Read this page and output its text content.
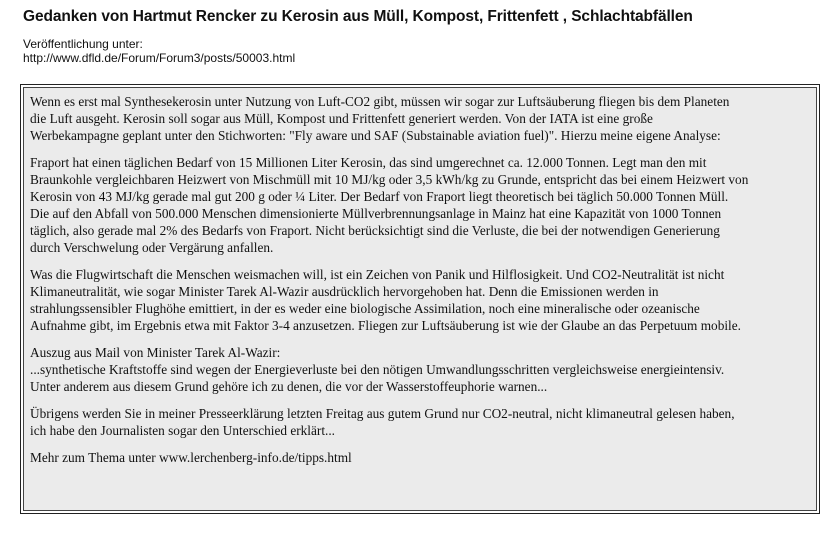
Gedanken von Hartmut Rencker zu Kerosin aus Müll, Kompost, Frittenfett , Schlachtabfällen
Veröffentlichung unter:
http://www.dfld.de/Forum/Forum3/posts/50003.html

Wenn es erst mal Synthesekerosin unter Nutzung von Luft-CO2 gibt, müssen wir sogar zur Luftsäuberung fliegen bis dem Planeten
die Luft ausgeht. Kerosin soll sogar aus Müll, Kompost und Frittenfett generiert werden. Von der IATA ist eine große
Werbekampagne geplant unter den Stichworten: "Fly aware und SAF (Substainable aviation fuel)". Hierzu meine eigene Analyse:

Fraport hat einen täglichen Bedarf von 15 Millionen Liter Kerosin, das sind umgerechnet ca. 12.000 Tonnen. Legt man den mit
Braunkohle vergleichbaren Heizwert von Mischmüll mit 10 MJ/kg oder 3,5 kWh/kg zu Grunde, entspricht das bei einem Heizwert von
Kerosin von 43 MJ/kg gerade mal gut 200 g oder ¼ Liter. Der Bedarf von Fraport liegt theoretisch bei täglich 50.000 Tonnen Müll.
Die auf den Abfall von 500.000 Menschen dimensionierte Müllverbrennungsanlage in Mainz hat eine Kapazität von 1000 Tonnen
täglich, also gerade mal 2% des Bedarfs von Fraport. Nicht berücksichtigt sind die Verluste, die bei der notwendigen Generierung
durch Verschwelung oder Vergärung anfallen.

Was die Flugwirtschaft die Menschen weismachen will, ist ein Zeichen von Panik und Hilflosigkeit. Und CO2-Neutralität ist nicht
Klimaneutralität, wie sogar Minister Tarek Al-Wazir ausdrücklich hervorgehoben hat. Denn die Emissionen werden in
strahlungssensibler Flughöhe emittiert, in der es weder eine biologische Assimilation, noch eine mineralische oder ozeanische
Aufnahme gibt, im Ergebnis etwa mit Faktor 3-4 anzusetzen. Fliegen zur Luftsäuberung ist wie der Glaube an das Perpetuum mobile.

Auszug aus Mail von Minister Tarek Al-Wazir:
...synthetische Kraftstoffe sind wegen der Energieverluste bei den nötigen Umwandlungsschritten vergleichsweise energieintensiv.
Unter anderem aus diesem Grund gehöre ich zu denen, die vor der Wasserstoffeuphorie warnen...

Übrigens werden Sie in meiner Presseerklärung letzten Freitag aus gutem Grund nur CO2-neutral, nicht klimaneutral gelesen haben,
ich habe den Journalisten sogar den Unterschied erklärt...

Mehr zum Thema unter www.lerchenberg-info.de/tipps.html
